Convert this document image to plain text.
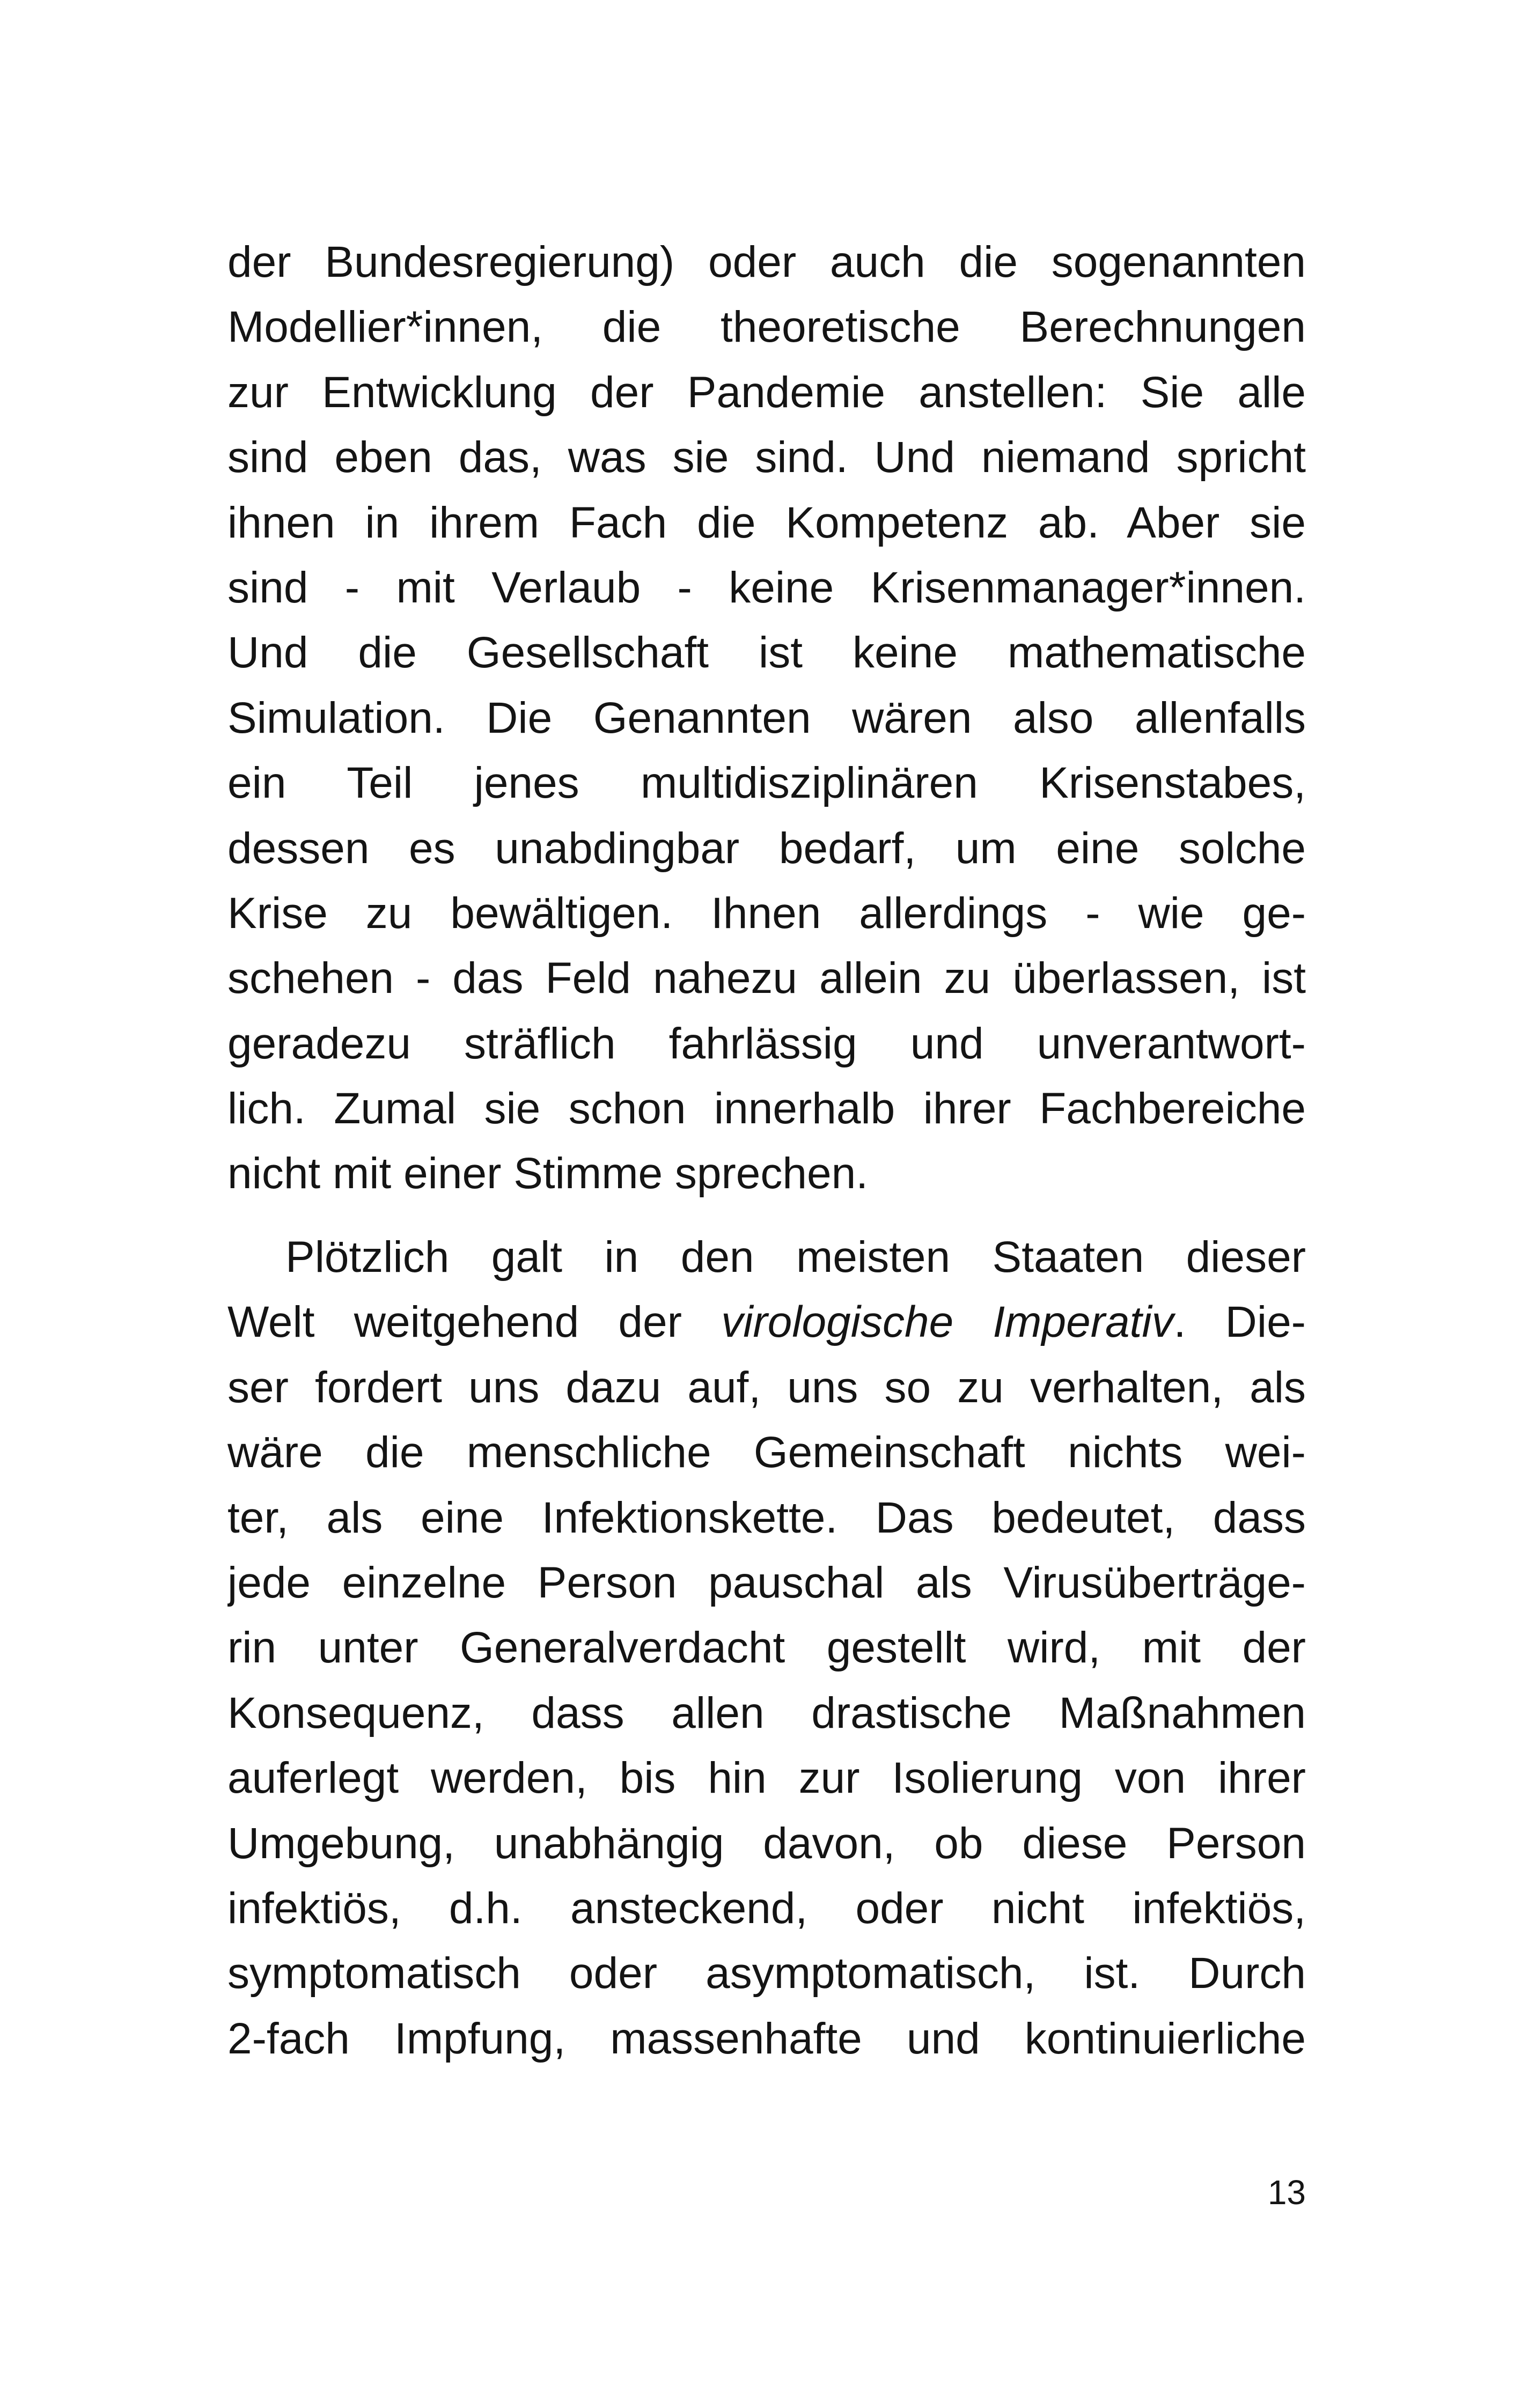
der Bundesregierung) oder auch die sogenannten
Modellier*innen, die theoretische Berechnungen
zur Entwicklung der Pandemie anstellen: Sie alle
sind eben das, was sie sind. Und niemand spricht
ihnen in ihrem Fach die Kompetenz ab. Aber sie
sind - mit Verlaub - keine Krisenmanager*innen.
Und die Gesellschaft ist keine mathematische
Simulation. Die Genannten wären also allenfalls
ein Teil jenes multidisziplinären Krisenstabes,
dessen es unabdingbar bedarf, um eine solche
Krise zu bewältigen. Ihnen allerdings - wie ge-
schehen - das Feld nahezu allein zu überlassen, ist
geradezu sträflich fahrlässig und unverantwort-
lich. Zumal sie schon innerhalb ihrer Fachbereiche
nicht mit einer Stimme sprechen.
Plötzlich galt in den meisten Staaten dieser
Welt weitgehend der virologische Imperativ. Die-
ser fordert uns dazu auf, uns so zu verhalten, als
wäre die menschliche Gemeinschaft nichts wei-
ter, als eine Infektionskette. Das bedeutet, dass
jede einzelne Person pauschal als Virusüberträge-
rin unter Generalverdacht gestellt wird, mit der
Konsequenz, dass allen drastische Maßnahmen
auferlegt werden, bis hin zur Isolierung von ihrer
Umgebung, unabhängig davon, ob diese Person
infektiös, d.h. ansteckend, oder nicht infektiös,
symptomatisch oder asymptomatisch, ist. Durch
2-fach Impfung, massenhafte und kontinuierliche
13
